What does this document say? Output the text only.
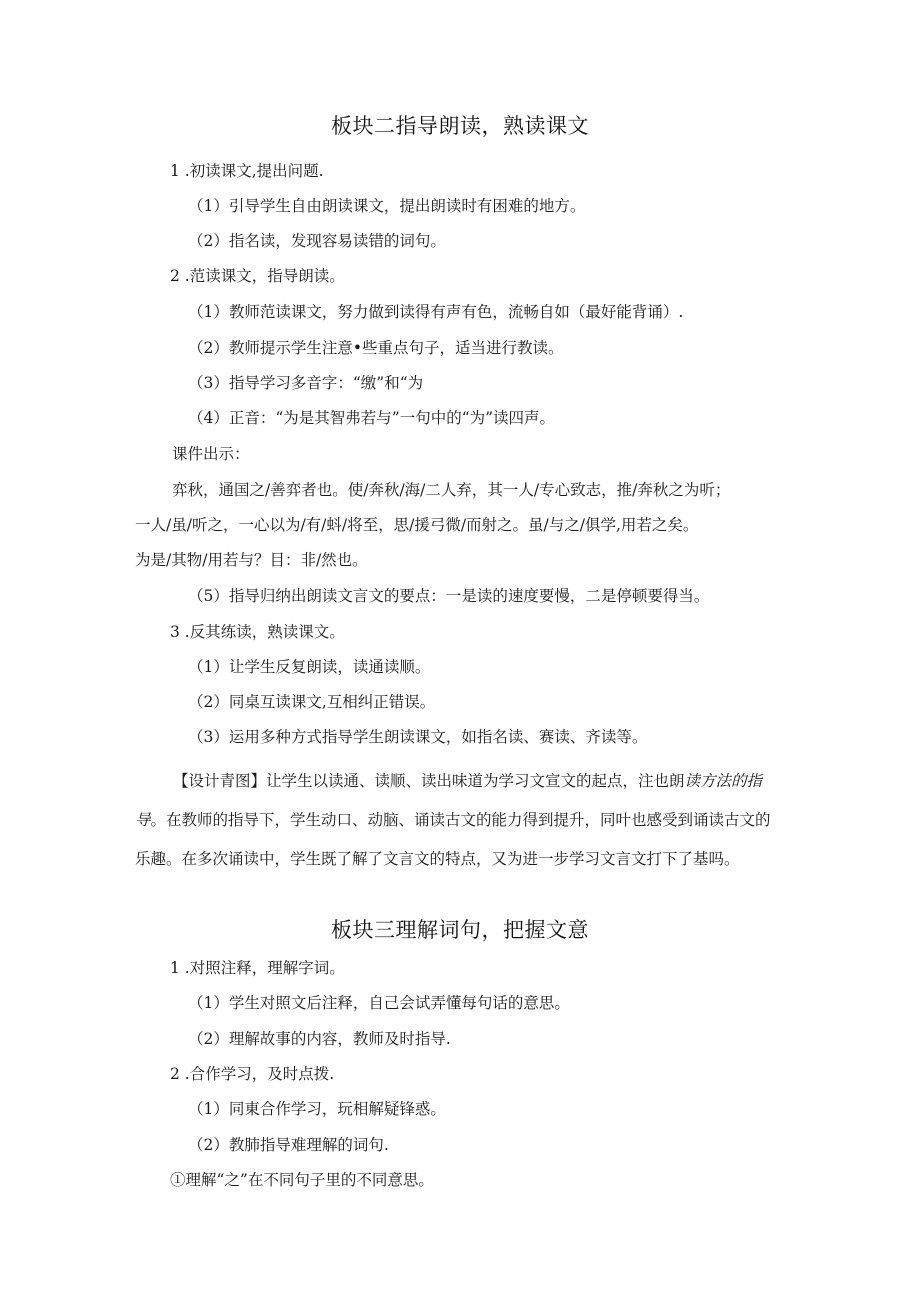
板块二指导朗读，熟读课文
1 .初读课文,提出问题.
（1）引导学生自由朗读课文，提出朗读时有困难的地方。
（2）指名读，发现容易读错的词句。
2 .范读课文，指导朗读。
（1）教师范读课文，努力做到读得有声有色，流畅自如（最好能背诵）.
（2）教师提示学生注意•些重点句子，适当进行教读。
（3）指导学习多音字：“缴”和“为
（4）正音：“为是其智弗若与”一句中的“为”读四声。
课件出示：
弈秋，通国之/善弈者也。使/奔秋/海/二人弃，其一人/专心致志，推/奔秋之为听；
一人/虽/听之，一心以为/有/蚪/将至，思/援弓微/而射之。虽/与之/俱学,用若之矣。
为是/其物/用若与？目：非/然也。
（5）指导归纳出朗读文言文的要点：一是读的速度要慢，二是停顿要得当。
3 .反其练读，熟读课文。
（1）让学生反复朗读，读通读顺。
（2）同桌互读课文,互相纠正错误。
（3）运用多种方式指导学生朗读课文，如指名读、赛读、齐读等。
【设计青图】让学生以读通、读顺、读出味道为学习文宣文的起点，注也朗读方法的指导。在教师的指导下，学生动口、动脑、诵读古文的能力得到提升，同叶也感受到诵读古文的乐趣。在多次诵读中，学生既了解了文言文的特点，又为进一步学习文言文打下了基吗。
板块三理解词句，把握文意
1 .对照注释，理解字词。
（1）学生对照文后注释，自己会试弄懂每句话的意思。
（2）理解故事的内容，教师及时指导.
2 .合作学习，及时点拨.
（1）同東合作学习，玩相解疑锋惑。
（2）教肺指导难理解的词句.
①理解“之”在不同句子里的不同意思。
